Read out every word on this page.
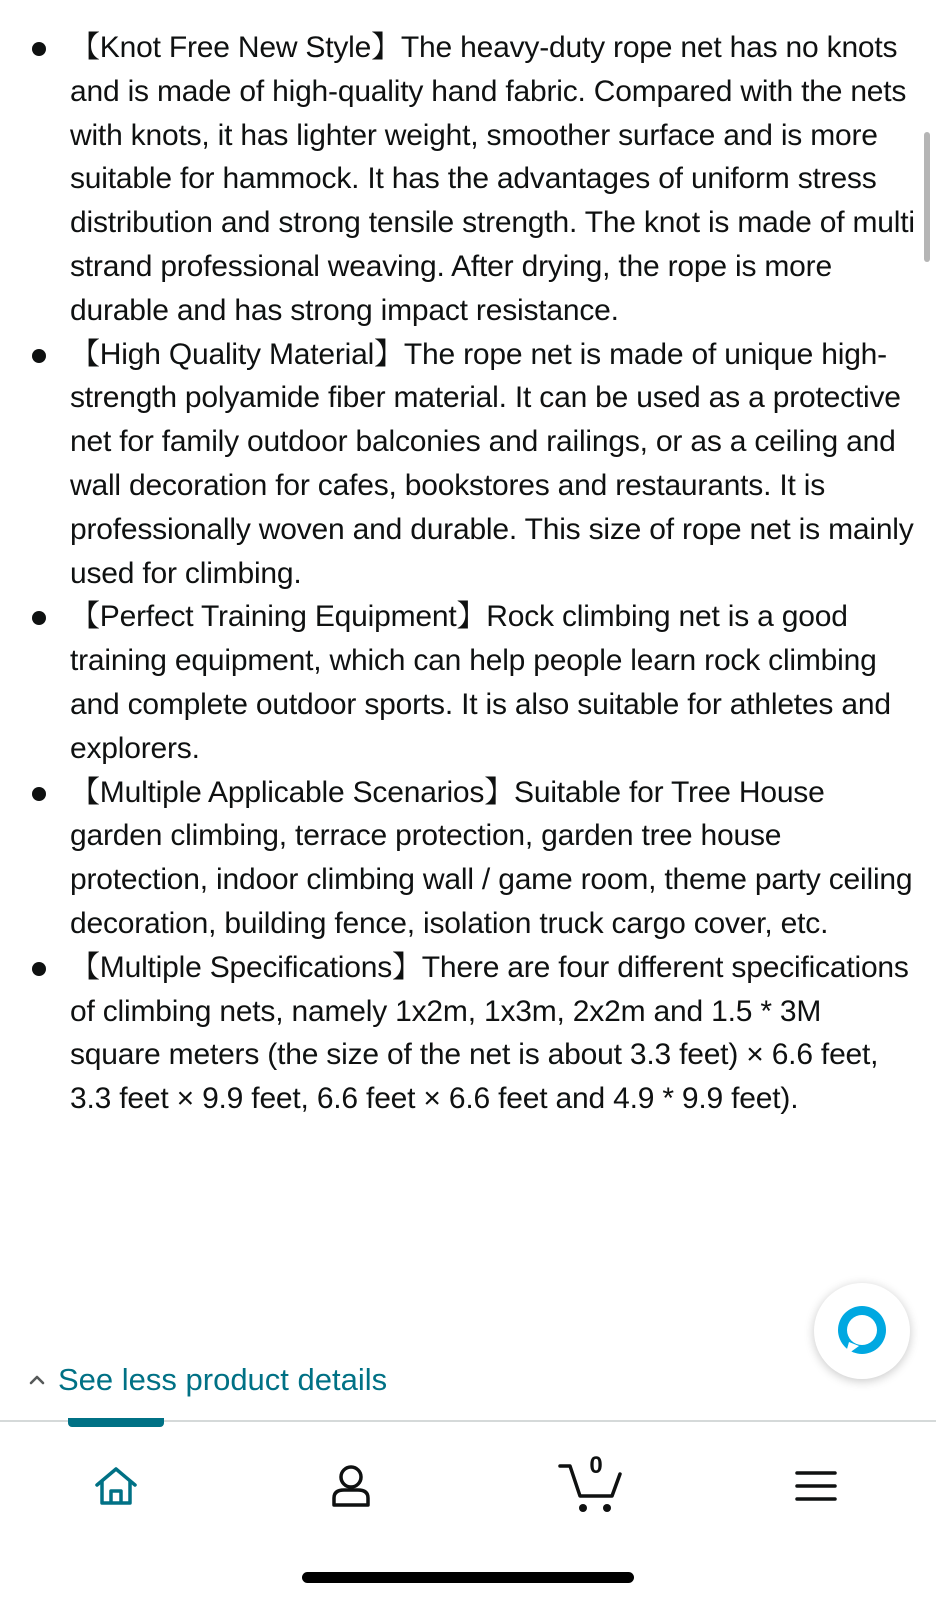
【Knot Free New Style】The heavy-duty rope net has no knots and is made of high-quality hand fabric. Compared with the nets with knots, it has lighter weight, smoother surface and is more suitable for hammock. It has the advantages of uniform stress distribution and strong tensile strength. The knot is made of multi strand professional weaving. After drying, the rope is more durable and has strong impact resistance.
【High Quality Material】The rope net is made of unique high-strength polyamide fiber material. It can be used as a protective net for family outdoor balconies and railings, or as a ceiling and wall decoration for cafes, bookstores and restaurants. It is professionally woven and durable. This size of rope net is mainly used for climbing.
【Perfect Training Equipment】Rock climbing net is a good training equipment, which can help people learn rock climbing and complete outdoor sports. It is also suitable for athletes and explorers.
【Multiple Applicable Scenarios】Suitable for Tree House garden climbing, terrace protection, garden tree house protection, indoor climbing wall / game room, theme party ceiling decoration, building fence, isolation truck cargo cover, etc.
【Multiple Specifications】There are four different specifications of climbing nets, namely 1x2m, 1x3m, 2x2m and 1.5 * 3M square meters (the size of the net is about 3.3 feet) × 6.6 feet, 3.3 feet × 9.9 feet, 6.6 feet × 6.6 feet and 4.9 * 9.9 feet).
See less product details
0
